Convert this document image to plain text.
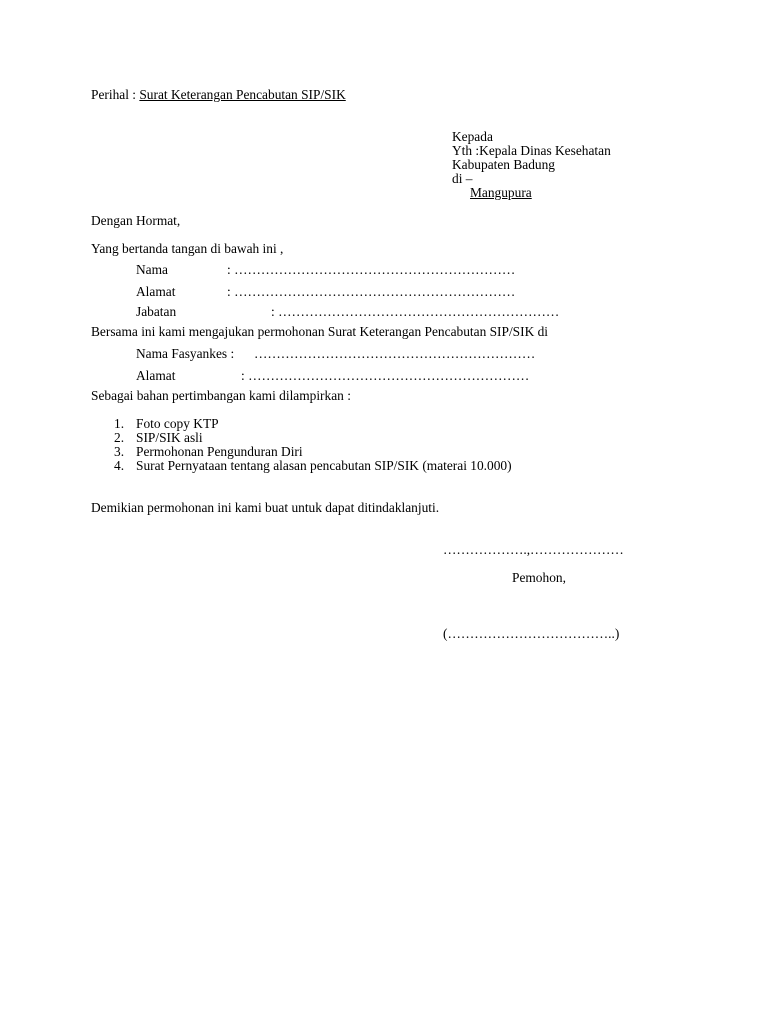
Perihal : Surat Keterangan Pencabutan SIP/SIK
Kepada
Yth :Kepala Dinas Kesehatan
Kabupaten Badung
di –
Mangupura
Dengan Hormat,
Yang bertanda tangan di bawah ini ,
Nama	: ………………………………………………………
Alamat	: ………………………………………………………
Jabatan	: ………………………………………………………
Bersama ini kami mengajukan permohonan Surat Keterangan Pencabutan SIP/SIK di
Nama Fasyankes : ………………………………………………………
Alamat	: ………………………………………………………
Sebagai bahan pertimbangan kami dilampirkan :
1. Foto copy KTP
2. SIP/SIK asli
3. Permohonan Pengunduran Diri
4. Surat Pernyataan tentang alasan pencabutan SIP/SIK (materai 10.000)
Demikian permohonan ini kami buat untuk dapat ditindaklanjuti.
……………….,…………………
Pemohon,
(………………………………..)
